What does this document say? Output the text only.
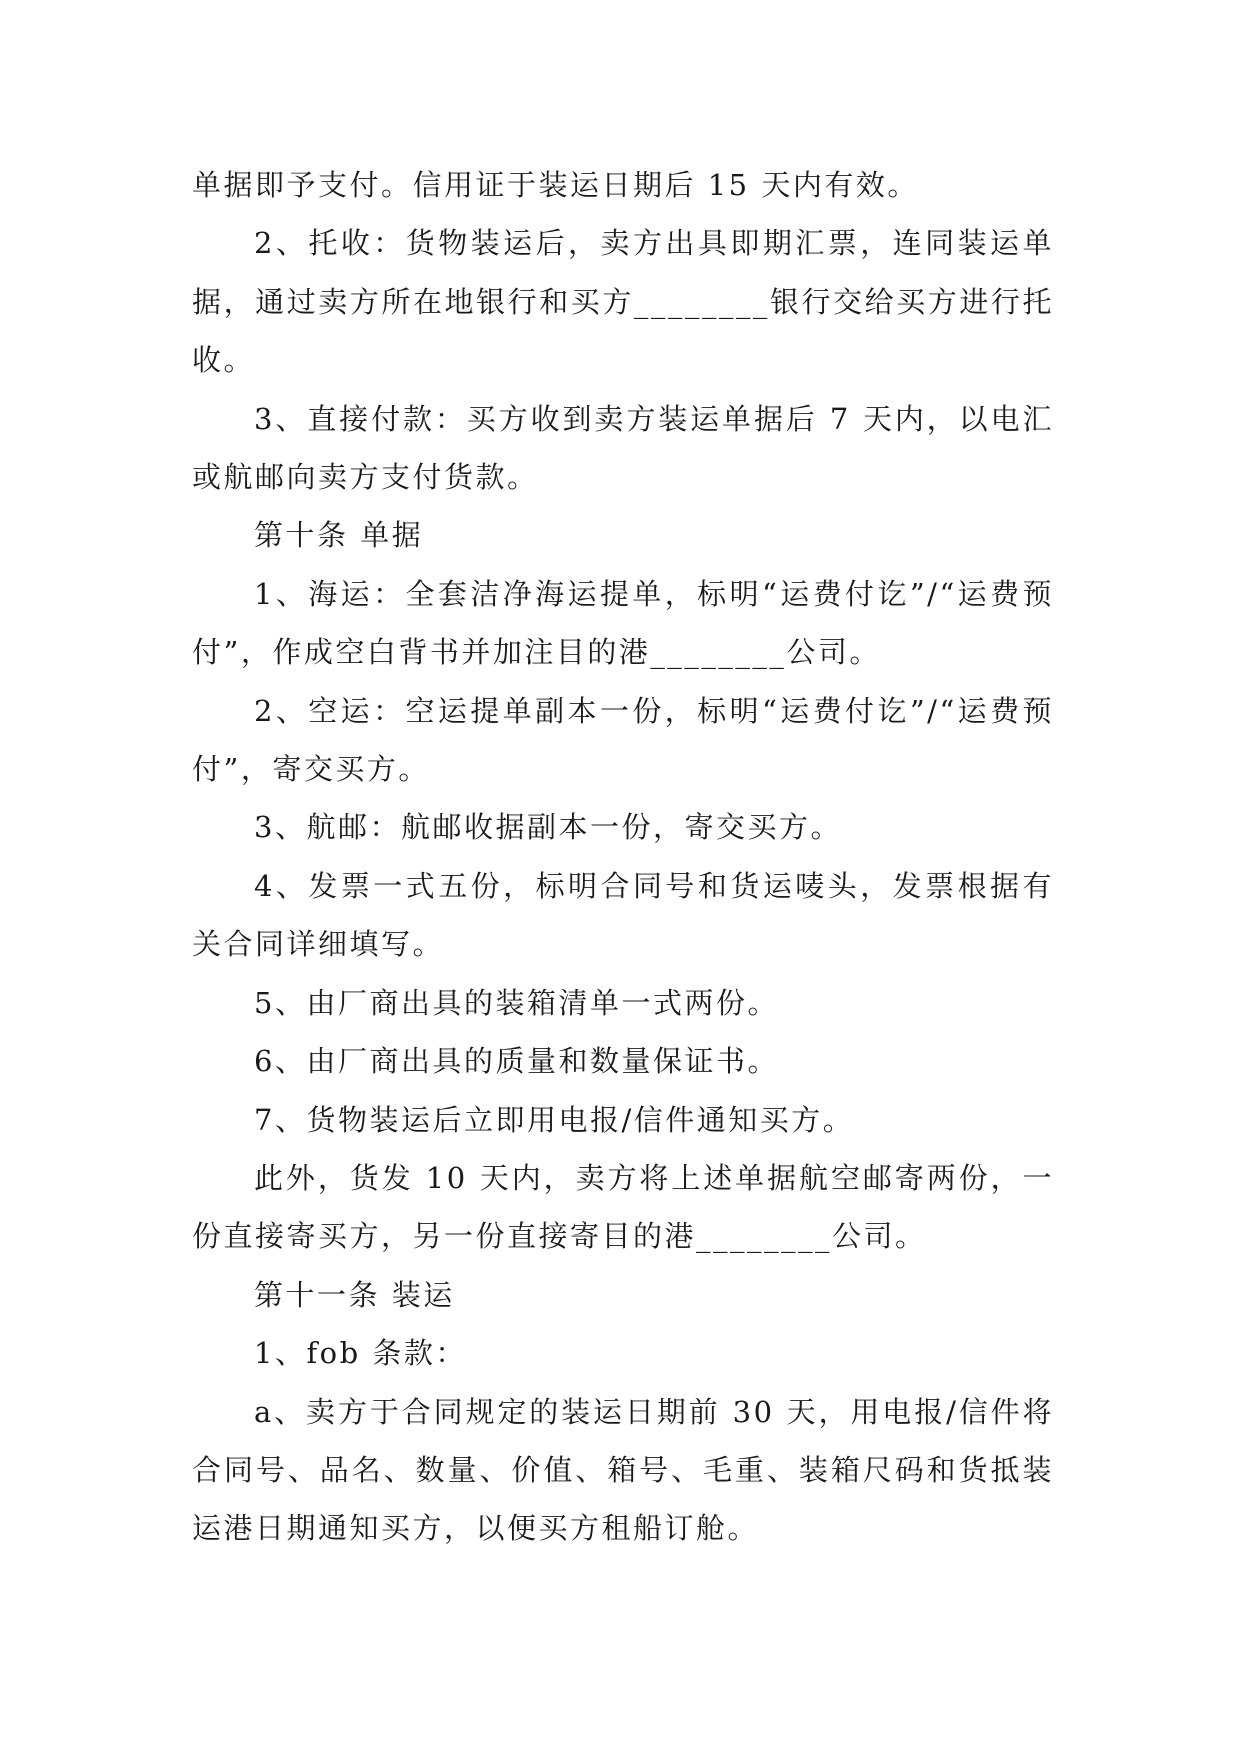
单据即予支付。信用证于装运日期后 15 天内有效。

2、托收：货物装运后，卖方出具即期汇票，连同装运单据，通过卖方所在地银行和买方________银行交给买方进行托收。

3、直接付款：买方收到卖方装运单据后 7 天内，以电汇或航邮向卖方支付货款。

第十条 单据

1、海运：全套洁净海运提单，标明“运费付讫”/“运费预付”，作成空白背书并加注目的港________公司。

2、空运：空运提单副本一份，标明“运费付讫”/“运费预付”，寄交买方。

3、航邮：航邮收据副本一份，寄交买方。

4、发票一式五份，标明合同号和货运唛头，发票根据有关合同详细填写。

5、由厂商出具的装箱清单一式两份。

6、由厂商出具的质量和数量保证书。

7、货物装运后立即用电报/信件通知买方。

此外，货发 10 天内，卖方将上述单据航空邮寄两份，一份直接寄买方，另一份直接寄目的港________公司。

第十一条 装运

1、fob 条款：

a、卖方于合同规定的装运日期前 30 天，用电报/信件将合同号、品名、数量、价值、箱号、毛重、装箱尺码和货抵装运港日期通知买方，以便买方租船订舱。
